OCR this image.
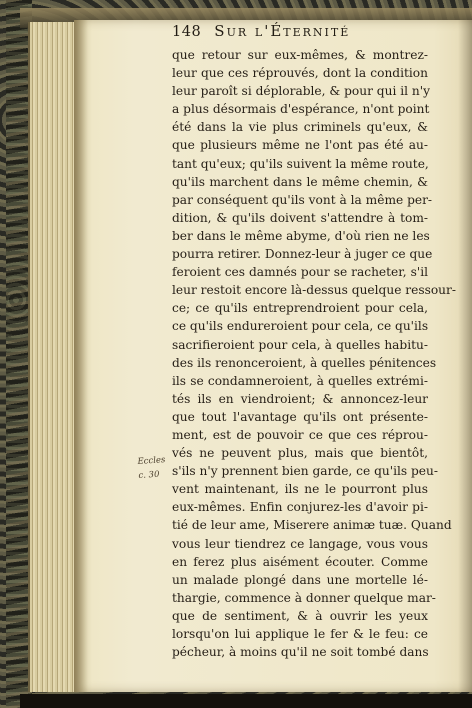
148 Sur l'Éternité
Eccles
c. 30
que retour sur eux-mêmes, & montrez-
leur que ces réprouvés, dont la condition
leur paroît si déplorable, & pour qui il n'y
a plus désormais d'espérance, n'ont point
été dans la vie plus criminels qu'eux, &
que plusieurs même ne l'ont pas été au-
tant qu'eux; qu'ils suivent la même route,
qu'ils marchent dans le même chemin, &
par conséquent qu'ils vont à la même per-
dition, & qu'ils doivent s'attendre à tom-
ber dans le même abyme, d'où rien ne les
pourra retirer. Donnez-leur à juger ce que
feroient ces damnés pour se racheter, s'il
leur restoit encore là-dessus quelque ressour-
ce; ce qu'ils entreprendroient pour cela,
ce qu'ils endureroient pour cela, ce qu'ils
sacrifieroient pour cela, à quelles habitu-
des ils renonceroient, à quelles pénitences
ils se condamneroient, à quelles extrémi-
tés ils en viendroient; & annoncez-leur
que tout l'avantage qu'ils ont présente-
ment, est de pouvoir ce que ces réprou-
vés ne peuvent plus, mais que bientôt,
s'ils n'y prennent bien garde, ce qu'ils peu-
vent maintenant, ils ne le pourront plus
eux-mêmes. Enfin conjurez-les d'avoir pi-
tié de leur ame, Miserere animæ tuæ. Quand
vous leur tiendrez ce langage, vous vous
en ferez plus aisément écouter. Comme
un malade plongé dans une mortelle lé-
thargie, commence à donner quelque mar-
que de sentiment, & à ouvrir les yeux
lorsqu'on lui applique le fer & le feu: ce
pécheur, à moins qu'il ne soit tombé dans
